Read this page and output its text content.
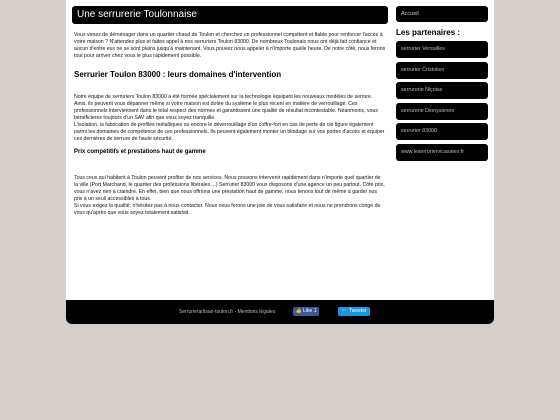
Une serrurerie Toulonnaise
Vous venez de déménager dans un quartier chaud de Toulon et cherchez un professionnel compétent et fiable pour renforcer l'accès à votre maison ? N'attendez plus et faites appel à nos serruriers Toulon 83000. De nombreux Toulonais nous ont déjà fait confiance et aucun d'entre eux ne se sont plains jusqu'à maintenant. Vous pouvez nous appeler à n'importe quelle heure. De notre côté, nous ferons tout pour arriver chez vous le plus rapidement possible.
Serrurier Toulon 83000 : leurs domaines d'intervention

Notre équipe de serruriers Toulon 83000 a été formée spécialement sur la technologie équipant les nouveaux modèles de serrure. Ainsi, ils peuvent vous dépanner même si votre maison est dotée du système le plus récent en matière de verrouillage. Ces professionnels interviennent dans le total respect des normes et garantissent une qualité de résultat incontestable. Néanmoins, vous bénéficierez toujours d'un SAV afin que vous soyez tranquille.

L'isolation, la fabrication de profilés métalliques ou encore le déverrouillage d'un coffre-fort en cas de perte de clé figure également parmi les domaines de compétence de ces professionnels. Ils peuvent également monter un blindage sur vos portes d'accès et équiper ces dernières de serrure de haute sécurité.

Prix compétitifs et prestations haut de gamme

Tous ceux qui habitent à Toulon peuvent profiter de nos services. Nous pouvons intervenir rapidement dans n'importe quel quartier de la ville (Port Marchand, le quartier des professions libérales....) Serrurier 83000 vous disposons d'une agence un peu partout. Côté prix, vous n'avez rien à craindre. En effet, bien que nous offrions une prestation haut de gamme, nous tenons tout de même à garder nos prix à un seuil accessibles à tous.

Si vous exigez la qualité, n'hésitez pas à nous contacter. Nous nous ferons une joie de vous satisfaire et nous ne prendrons congé de vous qu'après que vous soyez totalement satisfait.

Accueil
Les partenaires :
serrurier Versailles
serrurier Cristolien
serrurerie Niçoise
serrurerie Dionysienne
serrurier 83000
www.leserruriervicassien.fr
Serrurierartisan-toulon.fr - Mentions légales	👍 Like 1	🐦 Tweeter
